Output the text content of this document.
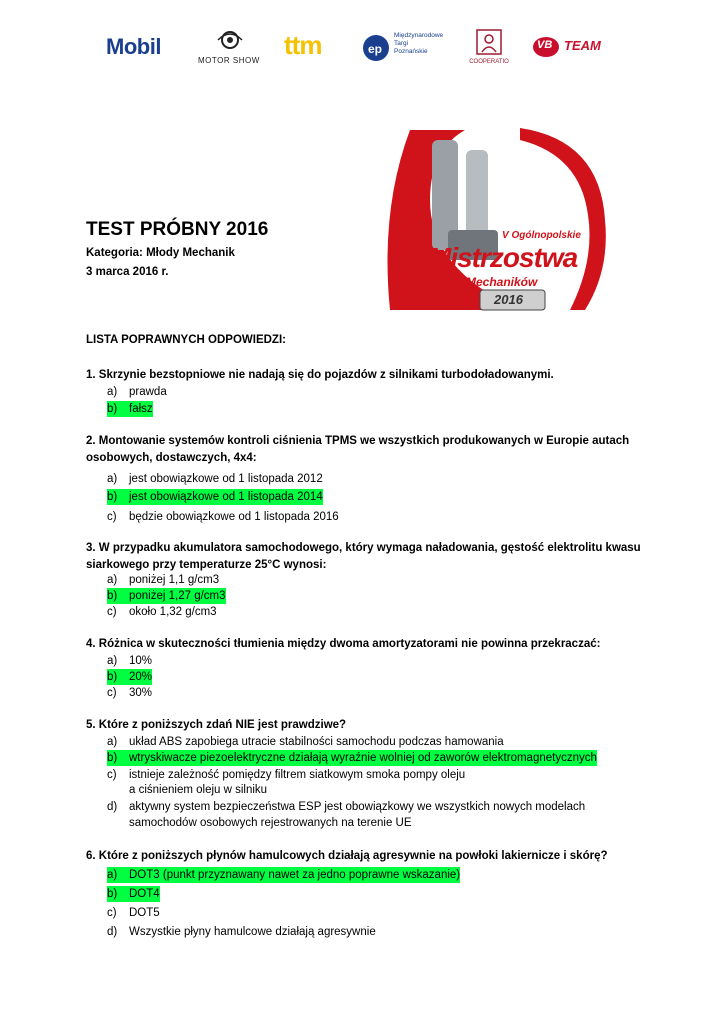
Mobil
MOTOR SHOW
ttm	ep
Międzynarodowe
Targi
Poznańskie
COOPERATIO
VB TEAM
V Ogólnopolskie
Mistrzostwa
Mechaników
2016
TEST PRÓBNY 2016
Kategoria: Młody Mechanik
3 marca 2016 r.
LISTA POPRAWNYCH ODPOWIEDZI:
1. Skrzynie bezstopniowe nie nadają się do pojazdów z silnikami turbodoładowanymi.
a) prawda
b) fałsz
2. Montowanie systemów kontroli ciśnienia TPMS we wszystkich produkowanych w Europie autach osobowych, dostawczych, 4x4:
a) jest obowiązkowe od 1 listopada 2012
b) jest obowiązkowe od 1 listopada 2014
c) będzie obowiązkowe od 1 listopada 2016
3. W przypadku akumulatora samochodowego, który wymaga naładowania, gęstość elektrolitu kwasu siarkowego przy temperaturze 25°C wynosi:
a) poniżej 1,1 g/cm3
b) poniżej 1,27 g/cm3
c) około 1,32 g/cm3
4. Różnica w skuteczności tłumienia między dwoma amortyzatorami nie powinna przekraczać:
a) 10%
b) 20%
c) 30%
5. Które z poniższych zdań NIE jest prawdziwe?
a) układ ABS zapobiega utracie stabilności samochodu podczas hamowania
b) wtryskiwacze piezoelektryczne działają wyraźnie wolniej od zaworów elektromagnetycznych
c) istnieje zależność pomiędzy filtrem siatkowym smoka pompy oleju
a ciśnieniem oleju w silniku
d) aktywny system bezpieczeństwa ESP jest obowiązkowy we wszystkich nowych modelach
samochodów osobowych rejestrowanych na terenie UE
6. Które z poniższych płynów hamulcowych działają agresywnie na powłoki lakiernicze i skórę?
a) DOT3 (punkt przyznawany nawet za jedno poprawne wskazanie)
b) DOT4
c) DOT5
d) Wszystkie płyny hamulcowe działają agresywnie
